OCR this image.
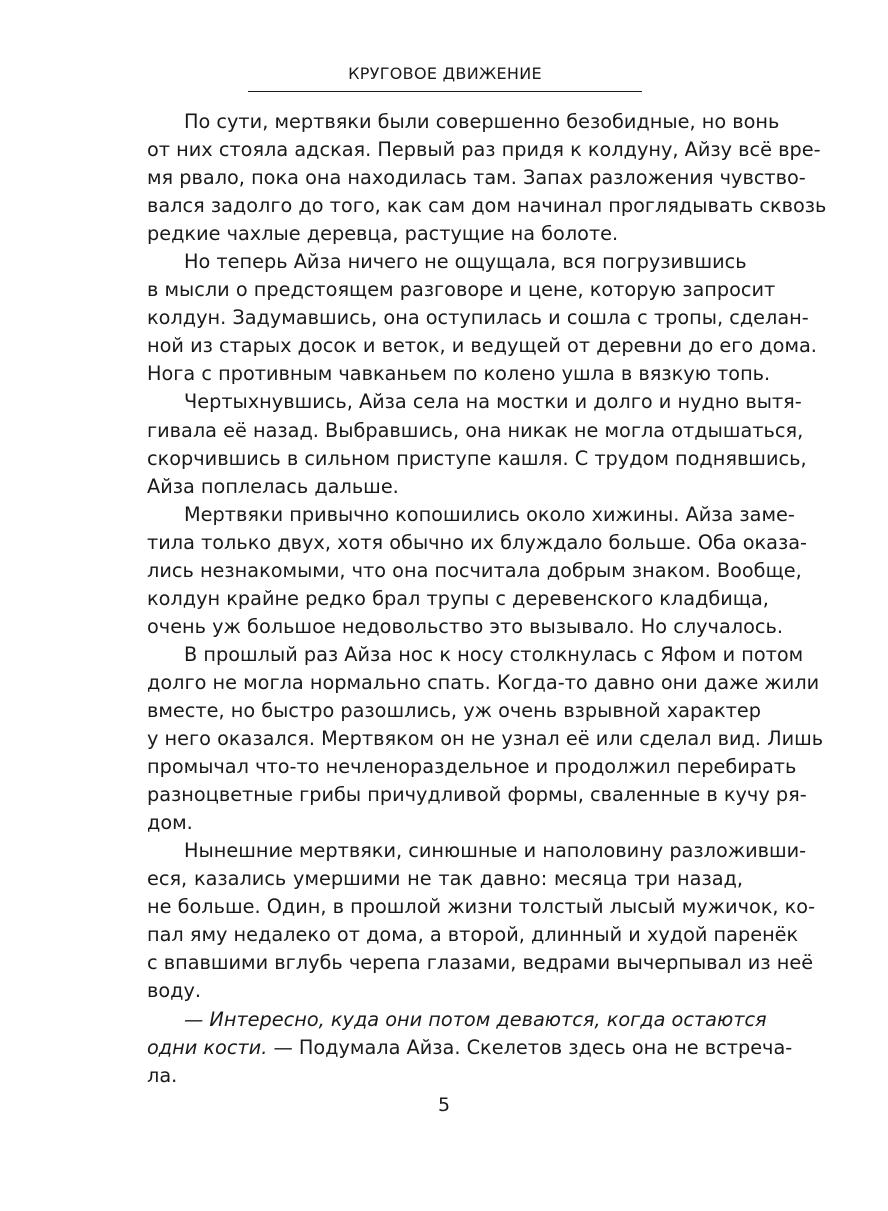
КРУГОВОЕ ДВИЖЕНИЕ
По сути, мертвяки были совершенно безобидные, но вонь
от них стояла адская. Первый раз придя к колдуну, Айзу всё вре-
мя рвало, пока она находилась там. Запах разложения чувство-
вался задолго до того, как сам дом начинал проглядывать сквозь
редкие чахлые деревца, растущие на болоте.
Но теперь Айза ничего не ощущала, вся погрузившись
в мысли о предстоящем разговоре и цене, которую запросит
колдун. Задумавшись, она оступилась и сошла с тропы, сделан-
ной из старых досок и веток, и ведущей от деревни до его дома.
Нога с противным чавканьем по колено ушла в вязкую топь.
Чертыхнувшись, Айза села на мостки и долго и нудно вытя-
гивала её назад. Выбравшись, она никак не могла отдышаться,
скорчившись в сильном приступе кашля. С трудом поднявшись,
Айза поплелась дальше.
Мертвяки привычно копошились около хижины. Айза заме-
тила только двух, хотя обычно их блуждало больше. Оба оказа-
лись незнакомыми, что она посчитала добрым знаком. Вообще,
колдун крайне редко брал трупы с деревенского кладбища,
очень уж большое недовольство это вызывало. Но случалось.
В прошлый раз Айза нос к носу столкнулась с Яфом и потом
долго не могла нормально спать. Когда-то давно они даже жили
вместе, но быстро разошлись, уж очень взрывной характер
у него оказался. Мертвяком он не узнал её или сделал вид. Лишь
промычал что-то нечленораздельное и продолжил перебирать
разноцветные грибы причудливой формы, сваленные в кучу ря-
дом.
Нынешние мертвяки, синюшные и наполовину разложивши-
еся, казались умершими не так давно: месяца три назад,
не больше. Один, в прошлой жизни толстый лысый мужичок, ко-
пал яму недалеко от дома, а второй, длинный и худой паренёк
с впавшими вглубь черепа глазами, ведрами вычерпывал из неё
воду.
— Интересно, куда они потом деваются, когда остаются
одни кости. — Подумала Айза. Скелетов здесь она не встреча-
ла.
5
